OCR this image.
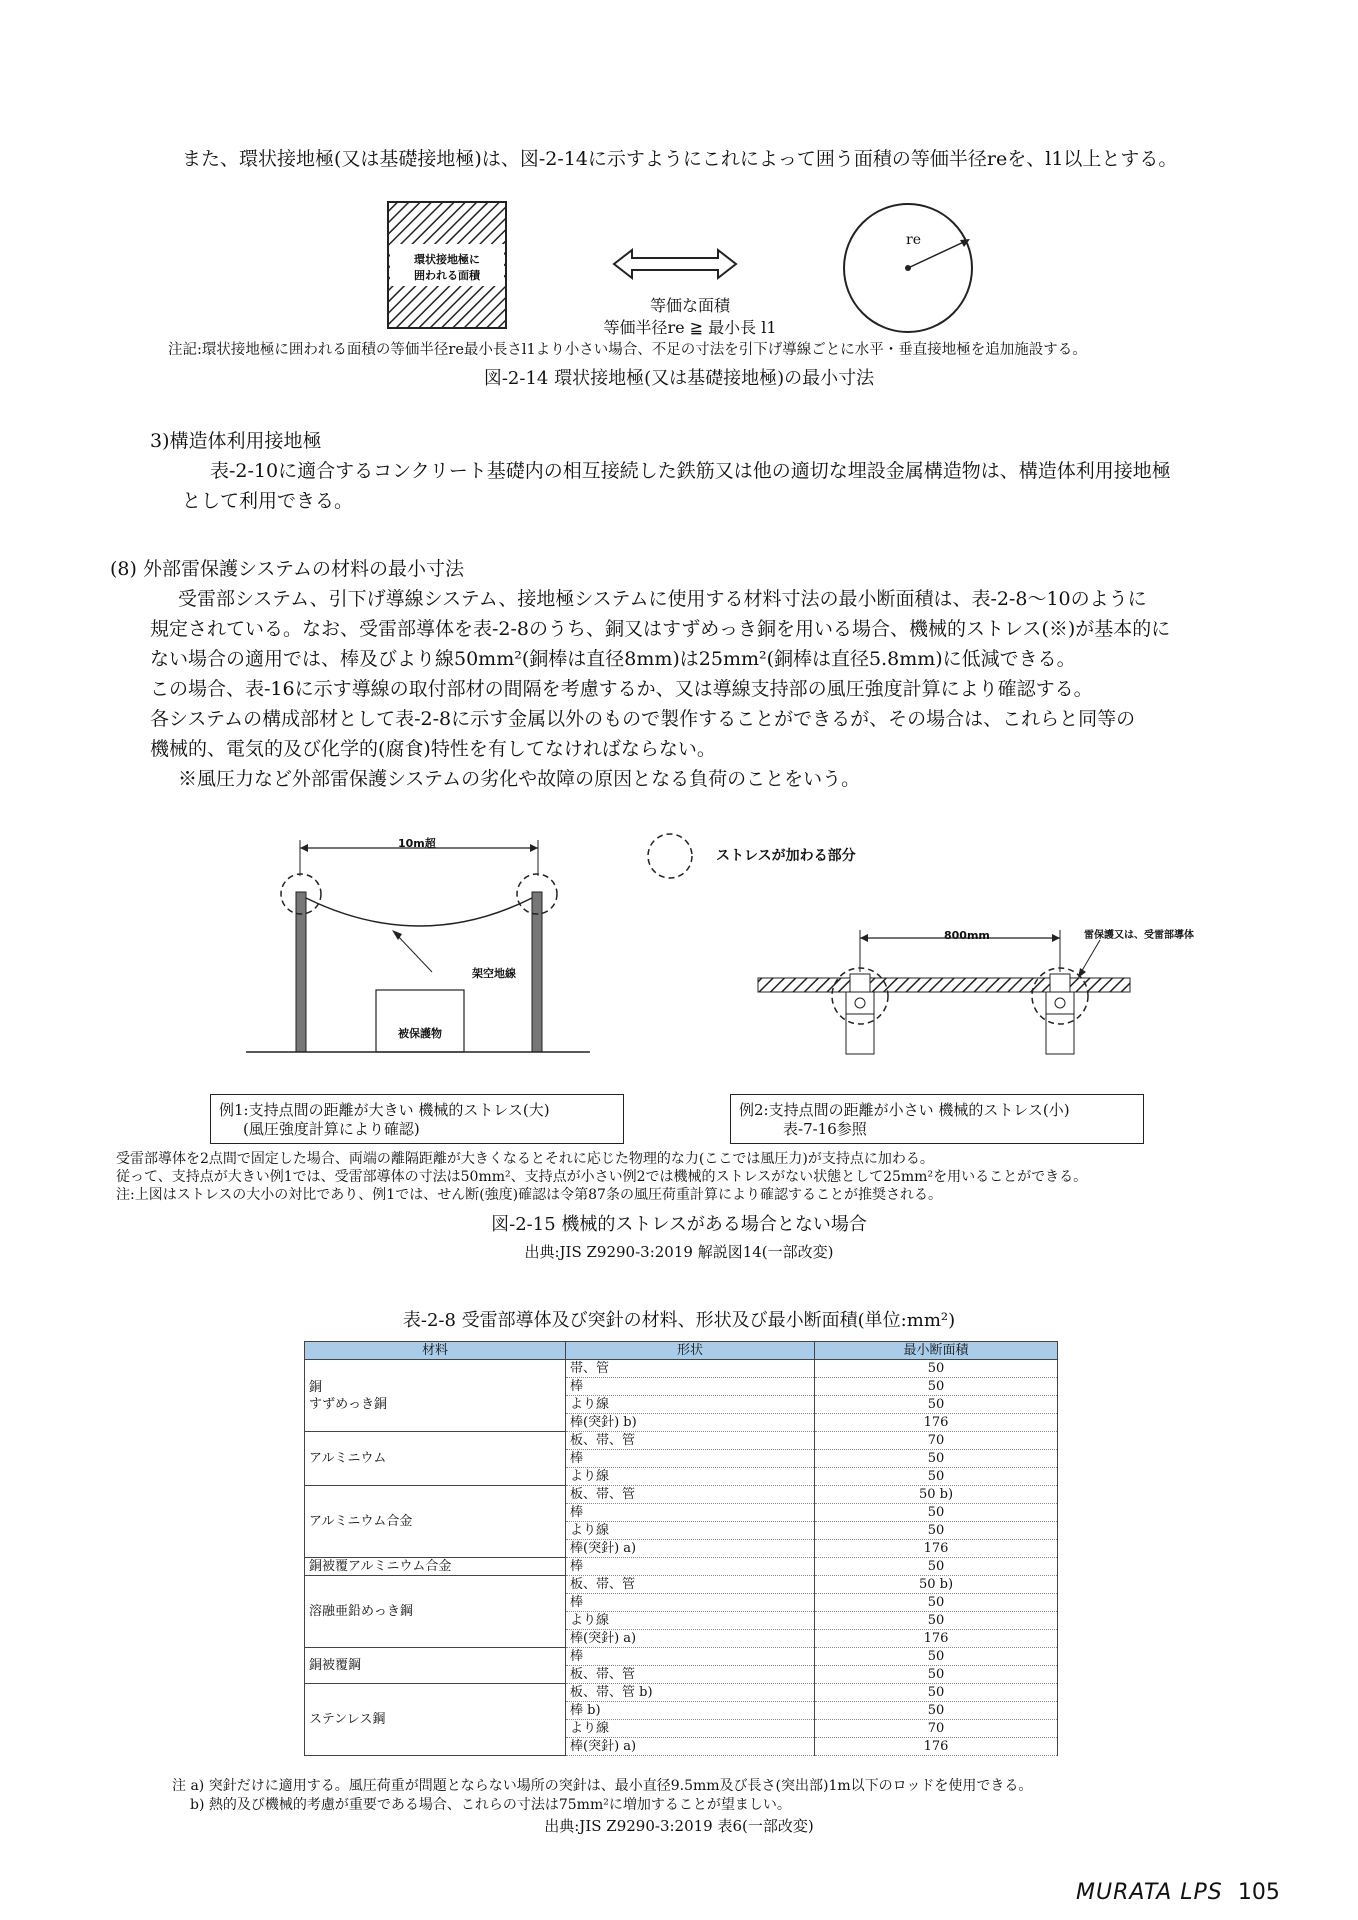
また、環状接地極(又は基礎接地極)は、図-2-14に示すようにこれによって囲う面積の等価半径reを、l1以上とする。
環状接地極に
囲われる面積
re
等価な面積
等価半径re ≧ 最小長 l1
注記:環状接地極に囲われる面積の等価半径re最小長さl1より小さい場合、不足の寸法を引下げ導線ごとに水平・垂直接地極を追加施設する。
図-2-14 環状接地極(又は基礎接地極)の最小寸法
3)構造体利用接地極
表-2-10に適合するコンクリート基礎内の相互接続した鉄筋又は他の適切な埋設金属構造物は、構造体利用接地極
として利用できる。
(8) 外部雷保護システムの材料の最小寸法
受雷部システム、引下げ導線システム、接地極システムに使用する材料寸法の最小断面積は、表-2-8〜10のように
規定されている。なお、受雷部導体を表-2-8のうち、銅又はすずめっき銅を用いる場合、機械的ストレス(※)が基本的に
ない場合の適用では、棒及びより線50mm²(銅棒は直径8mm)は25mm²(銅棒は直径5.8mm)に低減できる。
この場合、表-16に示す導線の取付部材の間隔を考慮するか、又は導線支持部の風圧強度計算により確認する。
各システムの構成部材として表-2-8に示す金属以外のもので製作することができるが、その場合は、これらと同等の
機械的、電気的及び化学的(腐食)特性を有してなければならない。
※風圧力など外部雷保護システムの劣化や故障の原因となる負荷のことをいう。
10m超
ストレスが加わる部分
架空地線
被保護物
800mm	雷保護又は、受雷部導体
例1:支持点間の距離が大きい 機械的ストレス(大)
(風圧強度計算により確認)
例2:支持点間の距離が小さい 機械的ストレス(小)
表-7-16参照
受雷部導体を2点間で固定した場合、両端の離隔距離が大きくなるとそれに応じた物理的な力(ここでは風圧力)が支持点に加わる。
従って、支持点が大きい例1では、受雷部導体の寸法は50mm²、支持点が小さい例2では機械的ストレスがない状態として25mm²を用いることができる。
注:上図はストレスの大小の対比であり、例1では、せん断(強度)確認は令第87条の風圧荷重計算により確認することが推奨される。
図-2-15 機械的ストレスがある場合とない場合
出典:JIS Z9290-3:2019 解説図14(一部改変)
表-2-8 受雷部導体及び突針の材料、形状及び最小断面積(単位:mm²)
材料	形状	最小断面積
銅
すずめっき銅	帯、管	50
	棒	50
	より線	50
	棒(突針) b)	176
アルミニウム	板、帯、管	70
	棒	50
	より線	50
アルミニウム合金	板、帯、管	50 b)
	棒	50
	より線	50
	棒(突針) a)	176
銅被覆アルミニウム合金	棒	50
溶融亜鉛めっき鋼	板、帯、管	50 b)
	棒	50
	より線	50
	棒(突針) a)	176
銅被覆鋼	棒	50
	板、帯、管	50
ステンレス鋼	板、帯、管 b)	50
	棒 b)	50
	より線	70
	棒(突針) a)	176
注 a) 突針だけに適用する。風圧荷重が問題とならない場所の突針は、最小直径9.5mm及び長さ(突出部)1m以下のロッドを使用できる。
b) 熱的及び機械的考慮が重要である場合、これらの寸法は75mm²に増加することが望ましい。
出典:JIS Z9290-3:2019 表6(一部改変)
MURATA LPS 105
